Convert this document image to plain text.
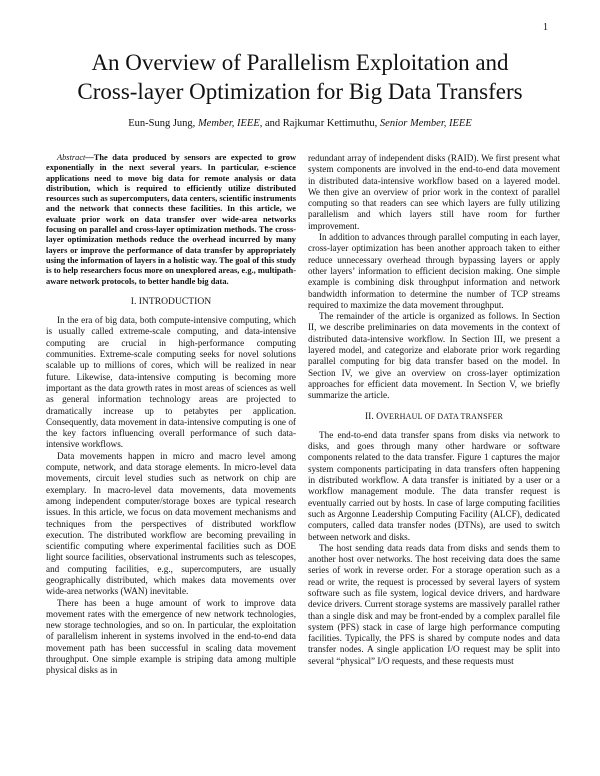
1
An Overview of Parallelism Exploitation and
Cross-layer Optimization for Big Data Transfers
Eun-Sung Jung, Member, IEEE, and Rajkumar Kettimuthu, Senior Member, IEEE

Abstract—The data produced by sensors are expected to grow exponentially in the next several years. In particular, e-science applications need to move big data for remote analysis or data distribution, which is required to efficiently utilize distributed resources such as supercomputers, data centers, scientific instruments and the network that connects these facilities. In this article, we evaluate prior work on data transfer over wide-area networks focusing on parallel and cross-layer optimization methods. The cross-layer optimization methods reduce the overhead incurred by many layers or improve the performance of data transfer by appropriately using the information of layers in a holistic way. The goal of this study is to help researchers focus more on unexplored areas, e.g., multipath-aware network protocols, to better handle big data.

I. INTRODUCTION

In the era of big data, both compute-intensive computing, which is usually called extreme-scale computing, and data-intensive computing are crucial in high-performance computing communities. Extreme-scale computing seeks for novel solutions scalable up to millions of cores, which will be realized in near future. Likewise, data-intensive computing is becoming more important as the data growth rates in most areas of sciences as well as general information technology areas are projected to dramatically increase up to petabytes per application. Consequently, data movement in data-intensive computing is one of the key factors influencing overall performance of such data-intensive workflows.

Data movements happen in micro and macro level among compute, network, and data storage elements. In micro-level data movements, circuit level studies such as network on chip are exemplary. In macro-level data movements, data movements among independent computer/storage boxes are typical research issues. In this article, we focus on data movement mechanisms and techniques from the perspectives of distributed workflow execution. The distributed workflow are becoming prevailing in scientific computing where experimental facilities such as DOE light source facilities, observational instruments such as telescopes, and computing facilities, e.g., supercomputers, are usually geographically distributed, which makes data movements over wide-area networks (WAN) inevitable.

There has been a huge amount of work to improve data movement rates with the emergence of new network technologies, new storage technologies, and so on. In particular, the exploitation of parallelism inherent in systems involved in the end-to-end data movement path has been successful in scaling data movement throughput. One simple example is striping data among multiple physical disks as in

redundant array of independent disks (RAID). We first present what system components are involved in the end-to-end data movement in distributed data-intensive workflow based on a layered model. We then give an overview of prior work in the context of parallel computing so that readers can see which layers are fully utilizing parallelism and which layers still have room for further improvement.

In addition to advances through parallel computing in each layer, cross-layer optimization has been another approach taken to either reduce unnecessary overhead through bypassing layers or apply other layers’ information to efficient decision making. One simple example is combining disk throughput information and network bandwidth information to determine the number of TCP streams required to maximize the data movement throughput.

The remainder of the article is organized as follows. In Section II, we describe preliminaries on data movements in the context of distributed data-intensive workflow. In Section III, we present a layered model, and categorize and elaborate prior work regarding parallel computing for big data transfer based on the model. In Section IV, we give an overview on cross-layer optimization approaches for efficient data movement. In Section V, we briefly summarize the article.

II. OVERHAUL OF DATA TRANSFER

The end-to-end data transfer spans from disks via network to disks, and goes through many other hardware or software components related to the data transfer. Figure 1 captures the major system components participating in data transfers often happening in distributed workflow. A data transfer is initiated by a user or a workflow management module. The data transfer request is eventually carried out by hosts. In case of large computing facilities such as Argonne Leadership Computing Facility (ALCF), dedicated computers, called data transfer nodes (DTNs), are used to switch between network and disks.

The host sending data reads data from disks and sends them to another host over networks. The host receiving data does the same series of work in reverse order. For a storage operation such as a read or write, the request is processed by several layers of system software such as file system, logical device drivers, and hardware device drivers. Current storage systems are massively parallel rather than a single disk and may be front-ended by a complex parallel file system (PFS) stack in case of large high performance computing facilities. Typically, the PFS is shared by compute nodes and data transfer nodes. A single application I/O request may be split into several “physical” I/O requests, and these requests must
